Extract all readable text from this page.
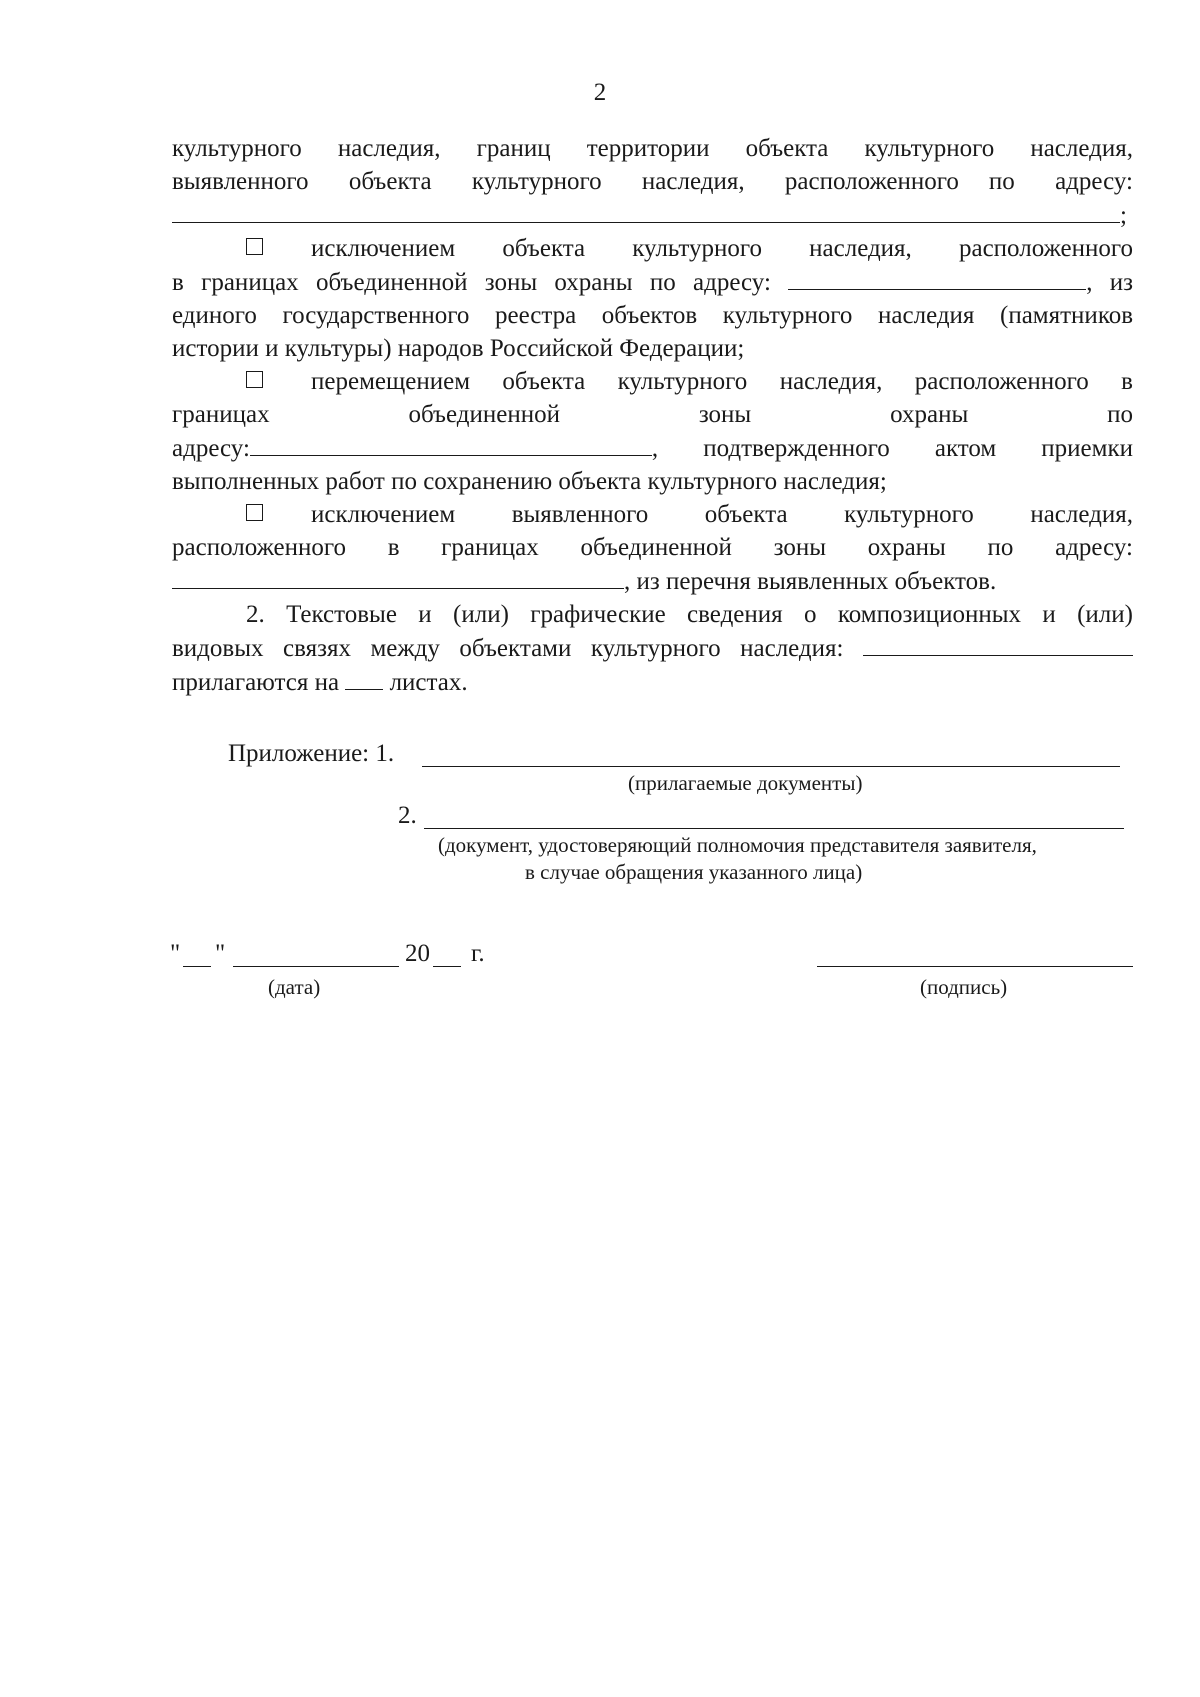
2
культурного наследия, границ территории объекта культурного наследия,
выявленного объекта культурного наследия, расположенного по адресу:
;
исключением объекта культурного наследия, расположенного
в границах объединенной зоны охраны по адресу:	, из
единого государственного реестра объектов культурного наследия (памятников
истории и культуры) народов Российской Федерации;
перемещением объекта культурного наследия, расположенного в
границах объединенной зоны охраны по
адресу:	, подтвержденного актом приемки
выполненных работ по сохранению объекта культурного наследия;
исключением выявленного объекта культурного наследия,
расположенного в границах объединенной зоны охраны по адресу:
, из перечня выявленных объектов.
2. Текстовые и (или) графические сведения о композиционных и (или)
видовых связях между объектами культурного наследия:
прилагаются на листах.
Приложение: 1.
(прилагаемые документы)
2.
(документ, удостоверяющий полномочия представителя заявителя,
в случае обращения указанного лица)
" "	20 г.
(дата)	(подпись)
